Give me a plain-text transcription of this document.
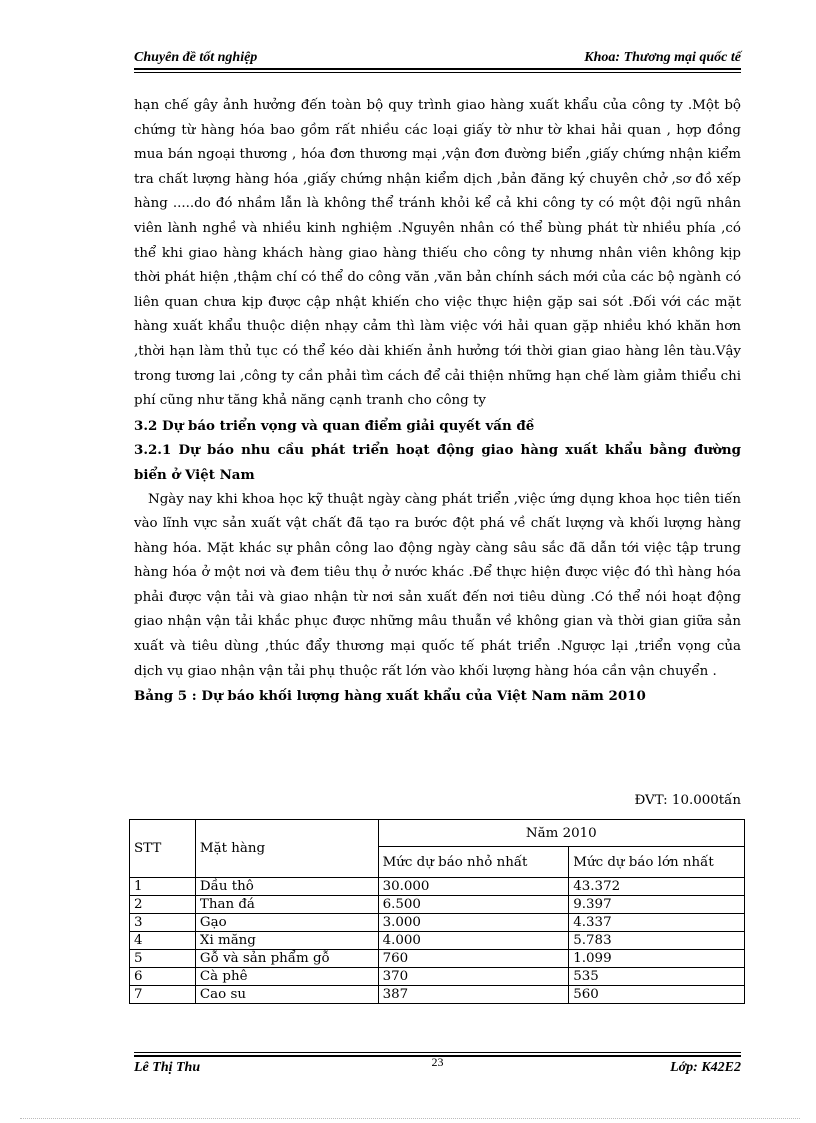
Chuyên đề tốt nghiệp	Khoa: Thương mại quốc tế

hạn chế gây ảnh hưởng đến toàn bộ quy trình giao hàng xuất khẩu của công ty .Một bộ chứng từ hàng hóa bao gồm rất nhiều các loại giấy tờ như tờ khai hải quan , hợp đồng mua bán ngoại thương , hóa đơn thương mại ,vận đơn đường biển ,giấy chứng nhận kiểm tra chất lượng hàng hóa ,giấy chứng nhận kiểm dịch ,bản đăng ký chuyên chở ,sơ đồ xếp hàng .....do đó nhầm lẫn là không thể tránh khỏi kể cả khi công ty có một đội ngũ nhân viên lành nghề và nhiều kinh nghiệm .Nguyên nhân có thể bùng phát từ nhiều phía ,có thể khi giao hàng khách hàng giao hàng thiếu cho công ty nhưng nhân viên không kịp thời phát hiện ,thậm chí có thể do công văn ,văn bản chính sách mới của các bộ ngành có liên quan chưa kịp được cập nhật khiến cho việc thực hiện gặp sai sót .Đối với các mặt hàng xuất khẩu thuộc diện nhạy cảm thì làm việc với hải quan gặp nhiều khó khăn hơn ,thời hạn làm thủ tục có thể kéo dài khiến ảnh hưởng tới thời gian giao hàng lên tàu.Vậy trong tương lai ,công ty cần phải tìm cách để cải thiện những hạn chế làm giảm thiểu chi phí cũng như tăng khả năng cạnh tranh cho công ty

3.2 Dự báo triển vọng và quan điểm giải quyết vấn đề

3.2.1 Dự báo nhu cầu phát triển hoạt động giao hàng xuất khẩu bằng đường biển ở Việt Nam

Ngày nay khi khoa học kỹ thuật ngày càng phát triển ,việc ứng dụng khoa học tiên tiến vào lĩnh vực sản xuất vật chất đã tạo ra bước đột phá về chất lượng và khối lượng hàng hàng hóa. Mặt khác sự phân công lao động ngày càng sâu sắc đã dẫn tới việc tập trung hàng hóa ở một nơi và đem tiêu thụ ở nước khác .Để thực hiện được việc đó thì hàng hóa phải được vận tải và giao nhận từ nơi sản xuất đến nơi tiêu dùng .Có thể nói hoạt động giao nhận vận tải khắc phục được những mâu thuẫn về không gian và thời gian giữa sản xuất và tiêu dùng ,thúc đẩy thương mại quốc tế phát triển .Ngược lại ,triển vọng của dịch vụ giao nhận vận tải phụ thuộc rất lớn vào khối lượng hàng hóa cần vận chuyển .

Bảng 5 : Dự báo khối lượng hàng xuất khẩu của Việt Nam năm 2010

ĐVT: 10.000tấn
STT	Mặt hàng	Năm 2010	
		Mức dự báo nhỏ nhất	Mức dự báo lớn nhất
1	Dầu thô	30.000	43.372
2	Than đá	6.500	9.397
3	Gạo	3.000	4.337
4	Xi măng	4.000	5.783
5	Gỗ và sản phẩm gỗ	760	1.099
6	Cà phê	370	535
7	Cao su	387	560
Lê Thị Thu	23	Lớp: K42E2
